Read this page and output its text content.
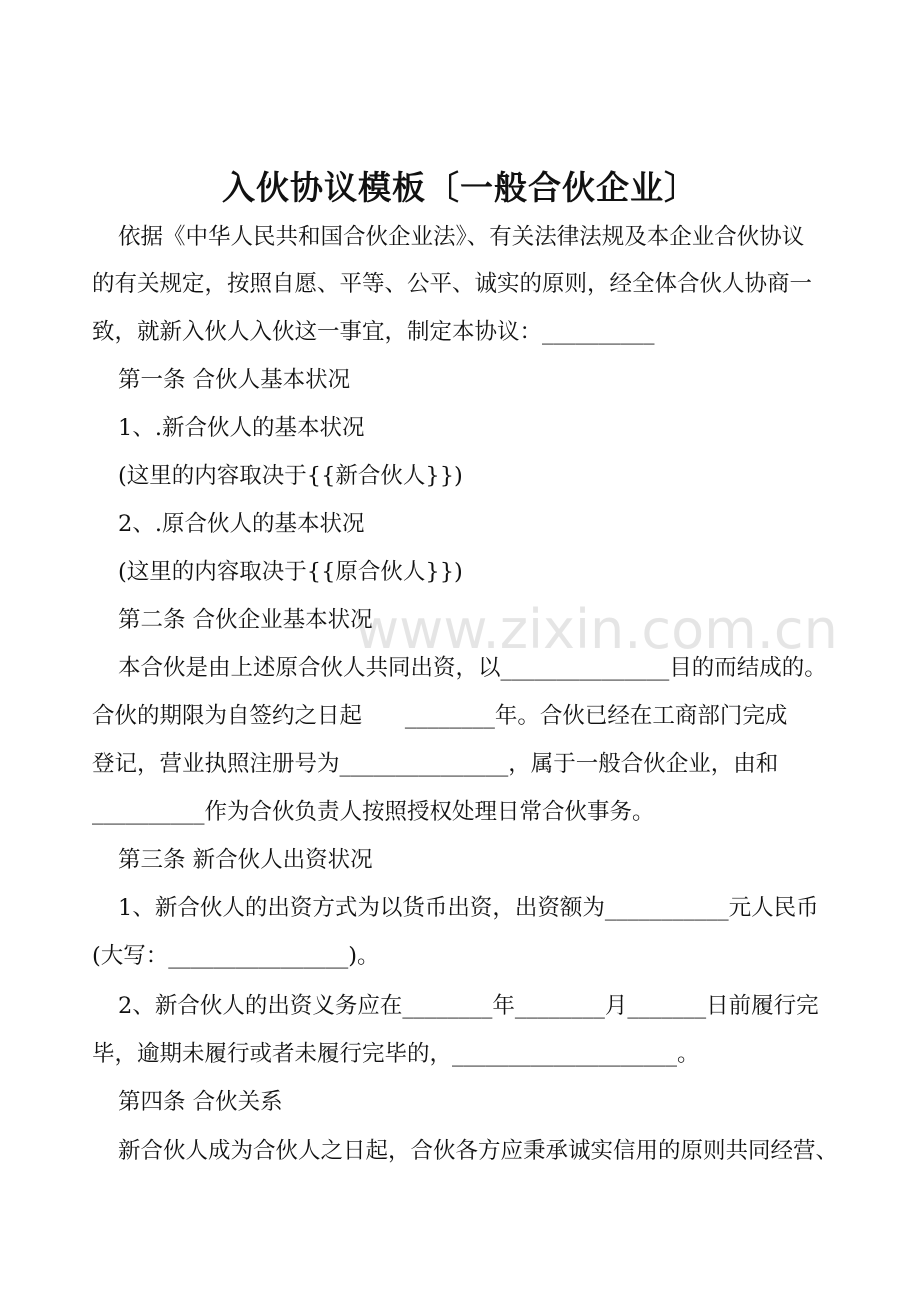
入伙协议模板〔一般合伙企业〕
依据《中华人民共和国合伙企业法》、有关法律法规及本企业合伙协议
的有关规定，按照自愿、平等、公平、诚实的原则，经全体合伙人协商一
致，就新入伙人入伙这一事宜，制定本协议：__________
第一条 合伙人基本状况
1、.新合伙人的基本状况
(这里的内容取决于{{新合伙人}})
2、.原合伙人的基本状况
(这里的内容取决于{{原合伙人}})
第二条 合伙企业基本状况
本合伙是由上述原合伙人共同出资，以_______________目的而结成的。
合伙的期限为自签约之日起      ________年。合伙已经在工商部门完成
登记，营业执照注册号为_______________，属于一般合伙企业，由和
__________作为合伙负责人按照授权处理日常合伙事务。
第三条 新合伙人出资状况
1、新合伙人的出资方式为以货币出资，出资额为___________元人民币
(大写：________________)。
2、新合伙人的出资义务应在________年________月_______日前履行完
毕，逾期未履行或者未履行完毕的，____________________。
第四条 合伙关系
新合伙人成为合伙人之日起，合伙各方应秉承诚实信用的原则共同经营、
www.zixin.com.cn
